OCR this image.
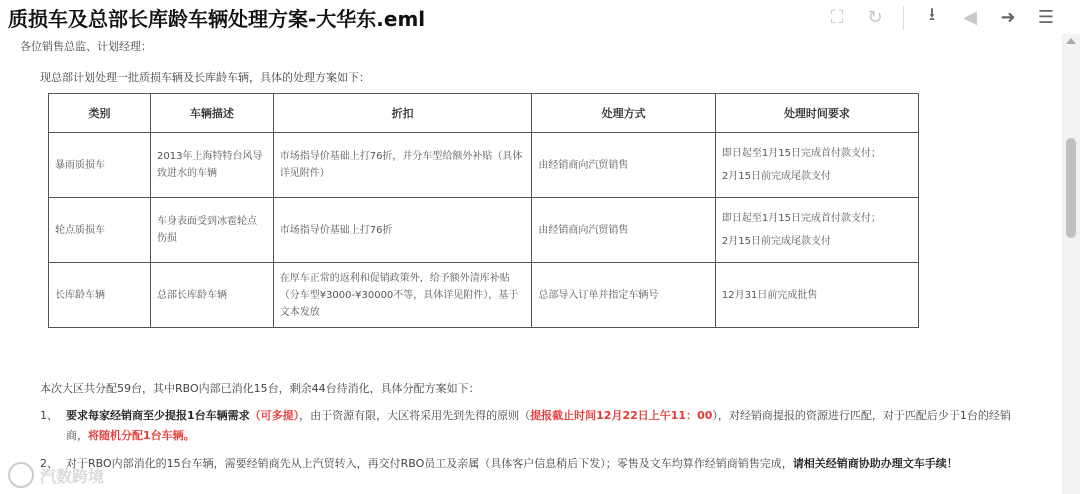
质损车及总部长库龄车辆处理方案-大华东.eml	⛶	↻	⭳	◀	➜	☰
各位销售总监、计划经理：
现总部计划处理一批质损车辆及长库龄车辆，具体的处理方案如下：
类别	车辆描述	折扣	处理方式	处理时间要求
暴雨质损车	2013年上海特特台风导致进水的车辆	市场指导价基础上打76折，并分车型给额外补贴（具体详见附件）	由经销商向汽贸销售	即日起至1月15日完成首付款支付；

2月15日前完成尾款支付

轮点质损车	车身表面受到冰雹轮点伤损	市场指导价基础上打76折	由经销商向汽贸销售	即日起至1月15日完成首付款支付；

2月15日前完成尾款支付

长库龄车辆	总部长库龄车辆	在厚车正常的返利和促销政策外，给予额外清库补贴（分车型¥3000-¥30000不等，具体详见附件），基于文本发放	总部导入订单并指定车辆号	12月31日前完成批售

本次大区共分配59台，其中RBO内部已消化15台，剩余44台待消化，具体分配方案如下：
1、 要求每家经销商至少提报1台车辆需求（可多提），由于资源有限，大区将采用先到先得的原则（提报截止时间12月22日上午11：00），对经销商提报的资源进行匹配，对于匹配后少于1台的经销
商，将随机分配1台车辆。
2、 对于RBO内部消化的15台车辆，需要经销商先从上汽贸转入，再交付RBO员工及亲属（具体客户信息稍后下发）；零售及文车均算作经销商销售完成，请相关经销商协助办理文车手续！
汽数跨境
